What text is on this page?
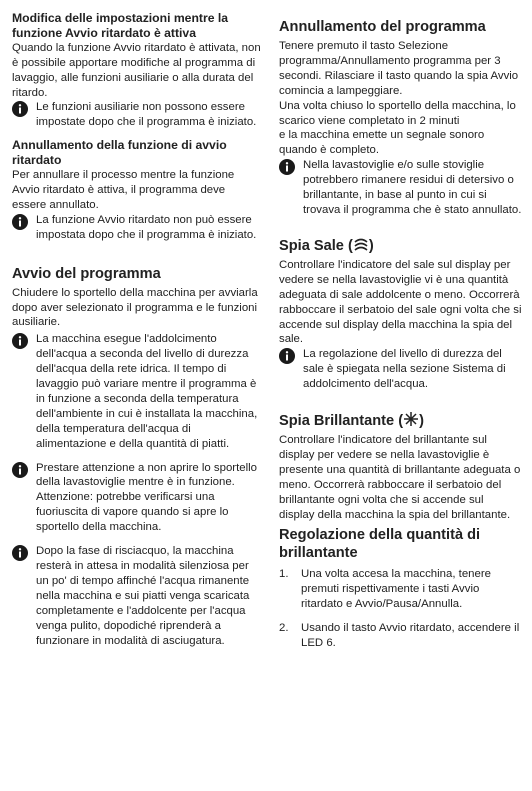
Modifica delle impostazioni mentre la funzione Avvio ritardato è attiva

Quando la funzione Avvio ritardato è attivata, non è possibile apportare modifiche al programma di lavaggio, alle funzioni ausiliarie o alla durata del ritardo.

Le funzioni ausiliarie non possono essere impostate dopo che il programma è iniziato.

Annullamento della funzione di avvio ritardato

Per annullare il processo mentre la funzione Avvio ritardato è attiva, il programma deve essere annullato.

La funzione Avvio ritardato non può essere impostata dopo che il programma è iniziato.

Avvio del programma

Chiudere lo sportello della macchina per avviarla dopo aver selezionato il programma e le funzioni ausiliarie.

La macchina esegue l'addolcimento dell'acqua a seconda del livello di durezza dell'acqua della rete idrica. Il tempo di lavaggio può variare mentre il programma è in funzione a seconda della temperatura dell'ambiente in cui è installata la macchina, della temperatura dell'acqua di alimentazione e della quantità di piatti.
Prestare attenzione a non aprire lo sportello della lavastoviglie mentre è in funzione. Attenzione: potrebbe verificarsi una fuoriuscita di vapore quando si apre lo sportello della macchina.
Dopo la fase di risciacquo, la macchina resterà in attesa in modalità silenziosa per un po' di tempo affinché l'acqua rimanente nella macchina e sui piatti venga scaricata completamente e l'addolcente per l'acqua venga pulito, dopodiché riprenderà a funzionare in modalità di asciugatura.

Annullamento del programma

Tenere premuto il tasto Selezione programma/Annullamento programma per 3 secondi. Rilasciare il tasto quando la spia Avvio comincia a lampeggiare.

Una volta chiuso lo sportello della macchina, lo scarico viene completato in 2 minuti

e la macchina emette un segnale sonoro quando è completo.

Nella lavastoviglie e/o sulle stoviglie potrebbero rimanere residui di detersivo o brillantante, in base al punto in cui si trovava il programma che è stato annullato.

Spia Sale ( )

Controllare l'indicatore del sale sul display per vedere se nella lavastoviglie vi è una quantità adeguata di sale addolcente o meno. Occorrerà rabboccare il serbatoio del sale ogni volta che si accende sul display della macchina la spia del sale.

La regolazione del livello di durezza del sale è spiegata nella sezione Sistema di addolcimento dell'acqua.

Spia Brillantante ( )

Controllare l'indicatore del brillantante sul display per vedere se nella lavastoviglie è presente una quantità di brillantante adeguata o meno. Occorrerà rabboccare il serbatoio del brillantante ogni volta che si accende sul display della macchina la spia del brillantante.

Regolazione della quantità di brillantante

1. Una volta accesa la macchina, tenere premuti rispettivamente i tasti Avvio ritardato e Avvio/Pausa/Annulla.
2. Usando il tasto Avvio ritardato, accendere il LED 6.
